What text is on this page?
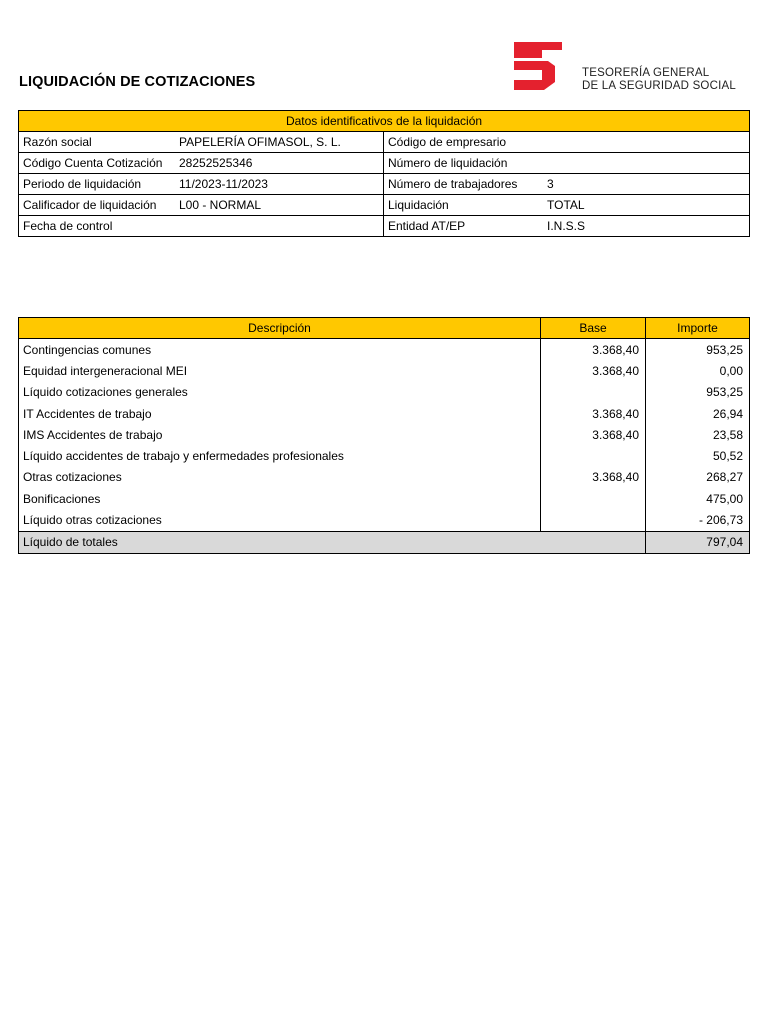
LIQUIDACIÓN DE COTIZACIONES
TESORERÍA GENERAL
DE LA SEGURIDAD SOCIAL
Datos identificativos de la liquidación	

Razón social PAPELERÍA OFIMASOL, S. L.	Código de empresario

Código Cuenta Cotización 28252525346	Número de liquidación

Periodo de liquidación 11/2023-11/2023	Número de trabajadores 3

Calificador de liquidación L00 - NORMAL	Liquidación TOTAL

Fecha de control	Entidad AT/EP I.N.S.S
Descripción	Base	Importe
Contingencias comunes	3.368,40	953,25
Equidad intergeneracional MEI	3.368,40	0,00
Líquido cotizaciones generales		953,25
IT Accidentes de trabajo	3.368,40	26,94
IMS Accidentes de trabajo	3.368,40	23,58
Líquido accidentes de trabajo y enfermedades profesionales		50,52
Otras cotizaciones	3.368,40	268,27
Bonificaciones		475,00
Líquido otras cotizaciones		- 206,73
Líquido de totales		797,04
